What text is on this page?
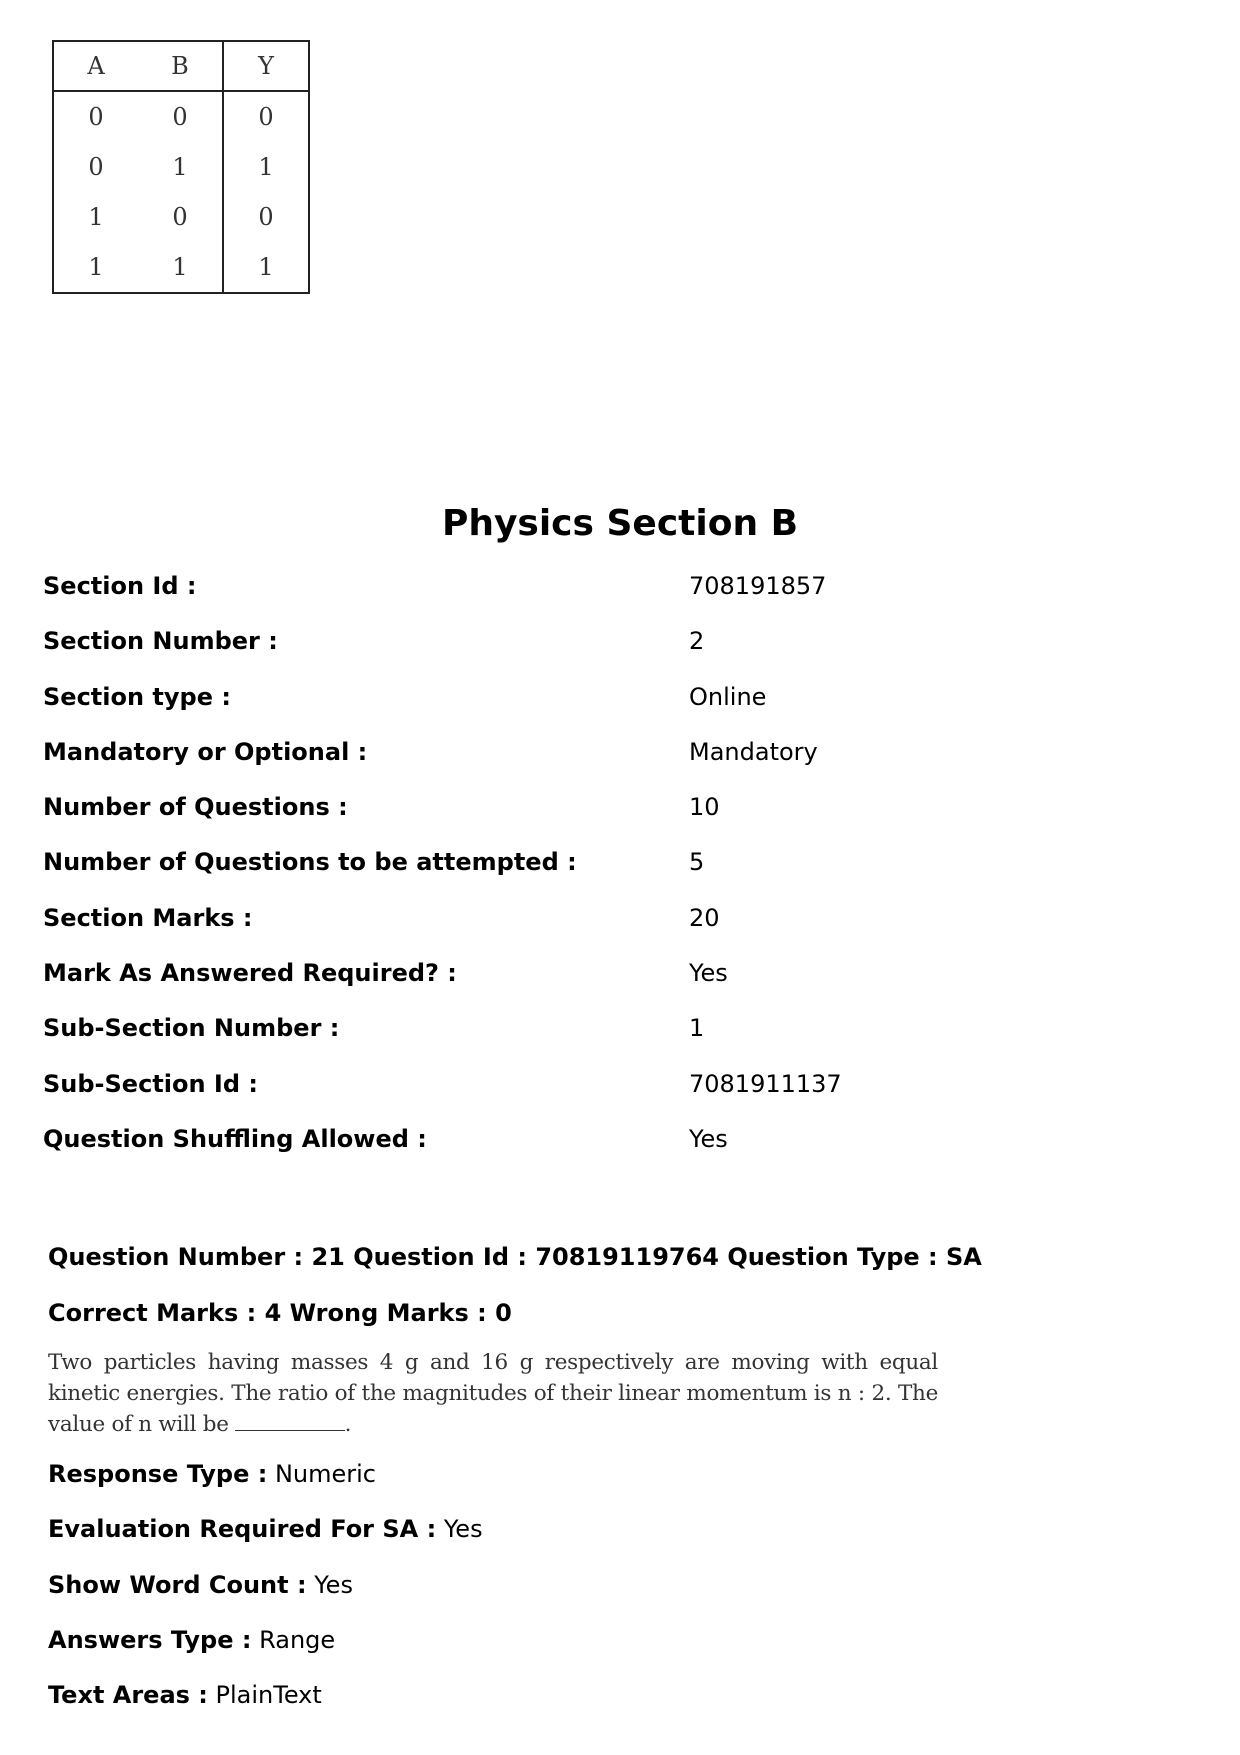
A	B	Y
0	0	0
0	1	1
1	0	0
1	1	1
Physics Section B
Section Id :	708191857
Section Number :	2
Section type :	Online
Mandatory or Optional :	Mandatory
Number of Questions :	10
Number of Questions to be attempted :	5
Section Marks :	20
Mark As Answered Required? :	Yes
Sub-Section Number :	1
Sub-Section Id :	7081911137
Question Shuffling Allowed :	Yes
Question Number : 21 Question Id : 70819119764 Question Type : SA
Correct Marks : 4 Wrong Marks : 0
Two particles having masses 4 g and 16 g respectively are moving with equal kinetic energies. The ratio of the magnitudes of their linear momentum is n : 2. The value of n will be	.
Response Type : Numeric
Evaluation Required For SA : Yes
Show Word Count : Yes
Answers Type : Range
Text Areas : PlainText
